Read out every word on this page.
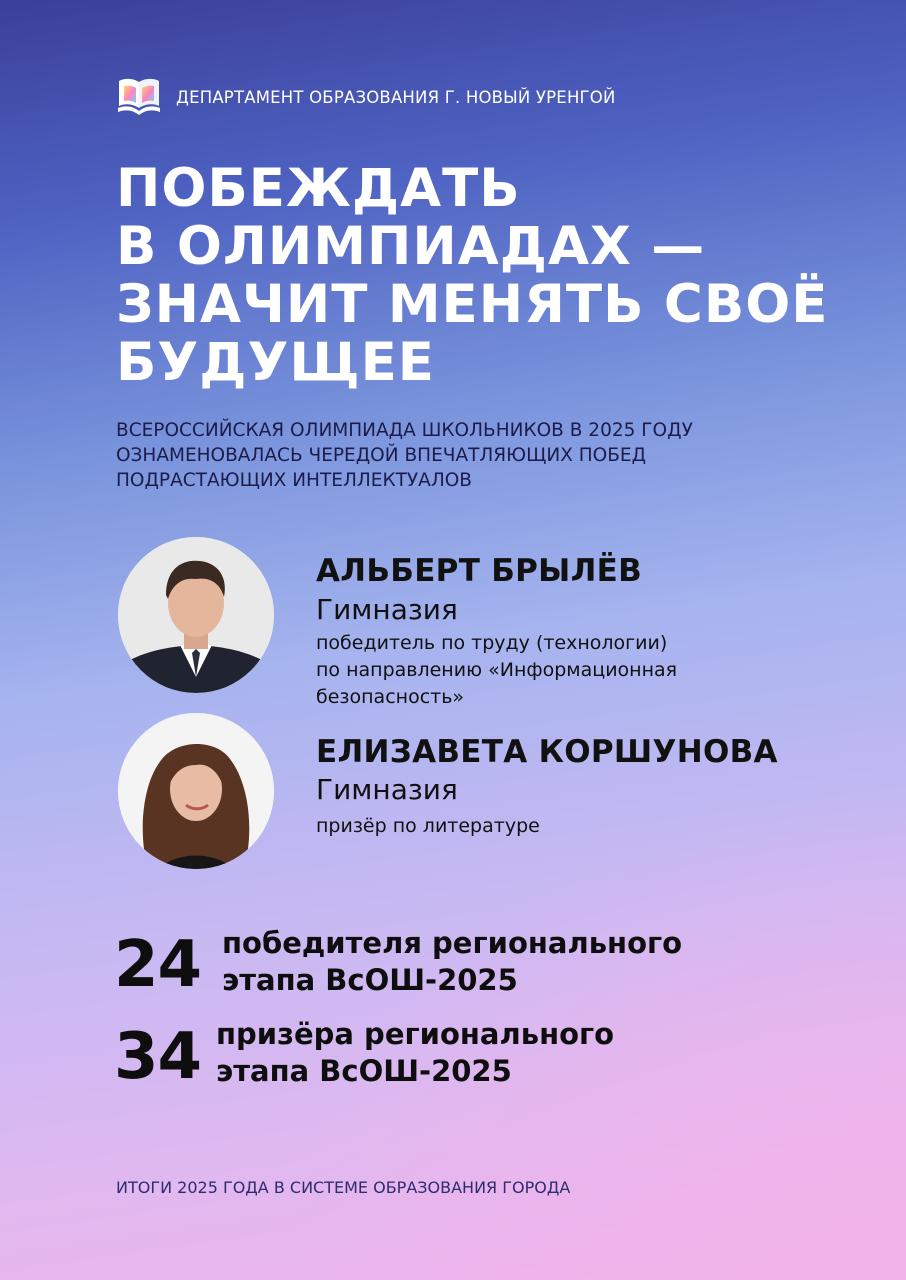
ДЕПАРТАМЕНТ ОБРАЗОВАНИЯ Г. НОВЫЙ УРЕНГОЙ
ПОБЕЖДАТЬ
В ОЛИМПИАДАХ —
ЗНАЧИТ МЕНЯТЬ СВОЁ
БУДУЩЕЕ
ВСЕРОССИЙСКАЯ ОЛИМПИАДА ШКОЛЬНИКОВ В 2025 ГОДУ
ОЗНАМЕНОВАЛАСЬ ЧЕРЕДОЙ ВПЕЧАТЛЯЮЩИХ ПОБЕД
ПОДРАСТАЮЩИХ ИНТЕЛЛЕКТУАЛОВ
АЛЬБЕРТ БРЫЛЁВ
Гимназия
победитель по труду (технологии)
по направлению «Информационная
безопасность»
ЕЛИЗАВЕТА КОРШУНОВА
Гимназия
призёр по литературе
24 победителя регионального
этапа ВсОШ-2025
34 призёра регионального
этапа ВсОШ-2025
ИТОГИ 2025 ГОДА В СИСТЕМЕ ОБРАЗОВАНИЯ ГОРОДА
